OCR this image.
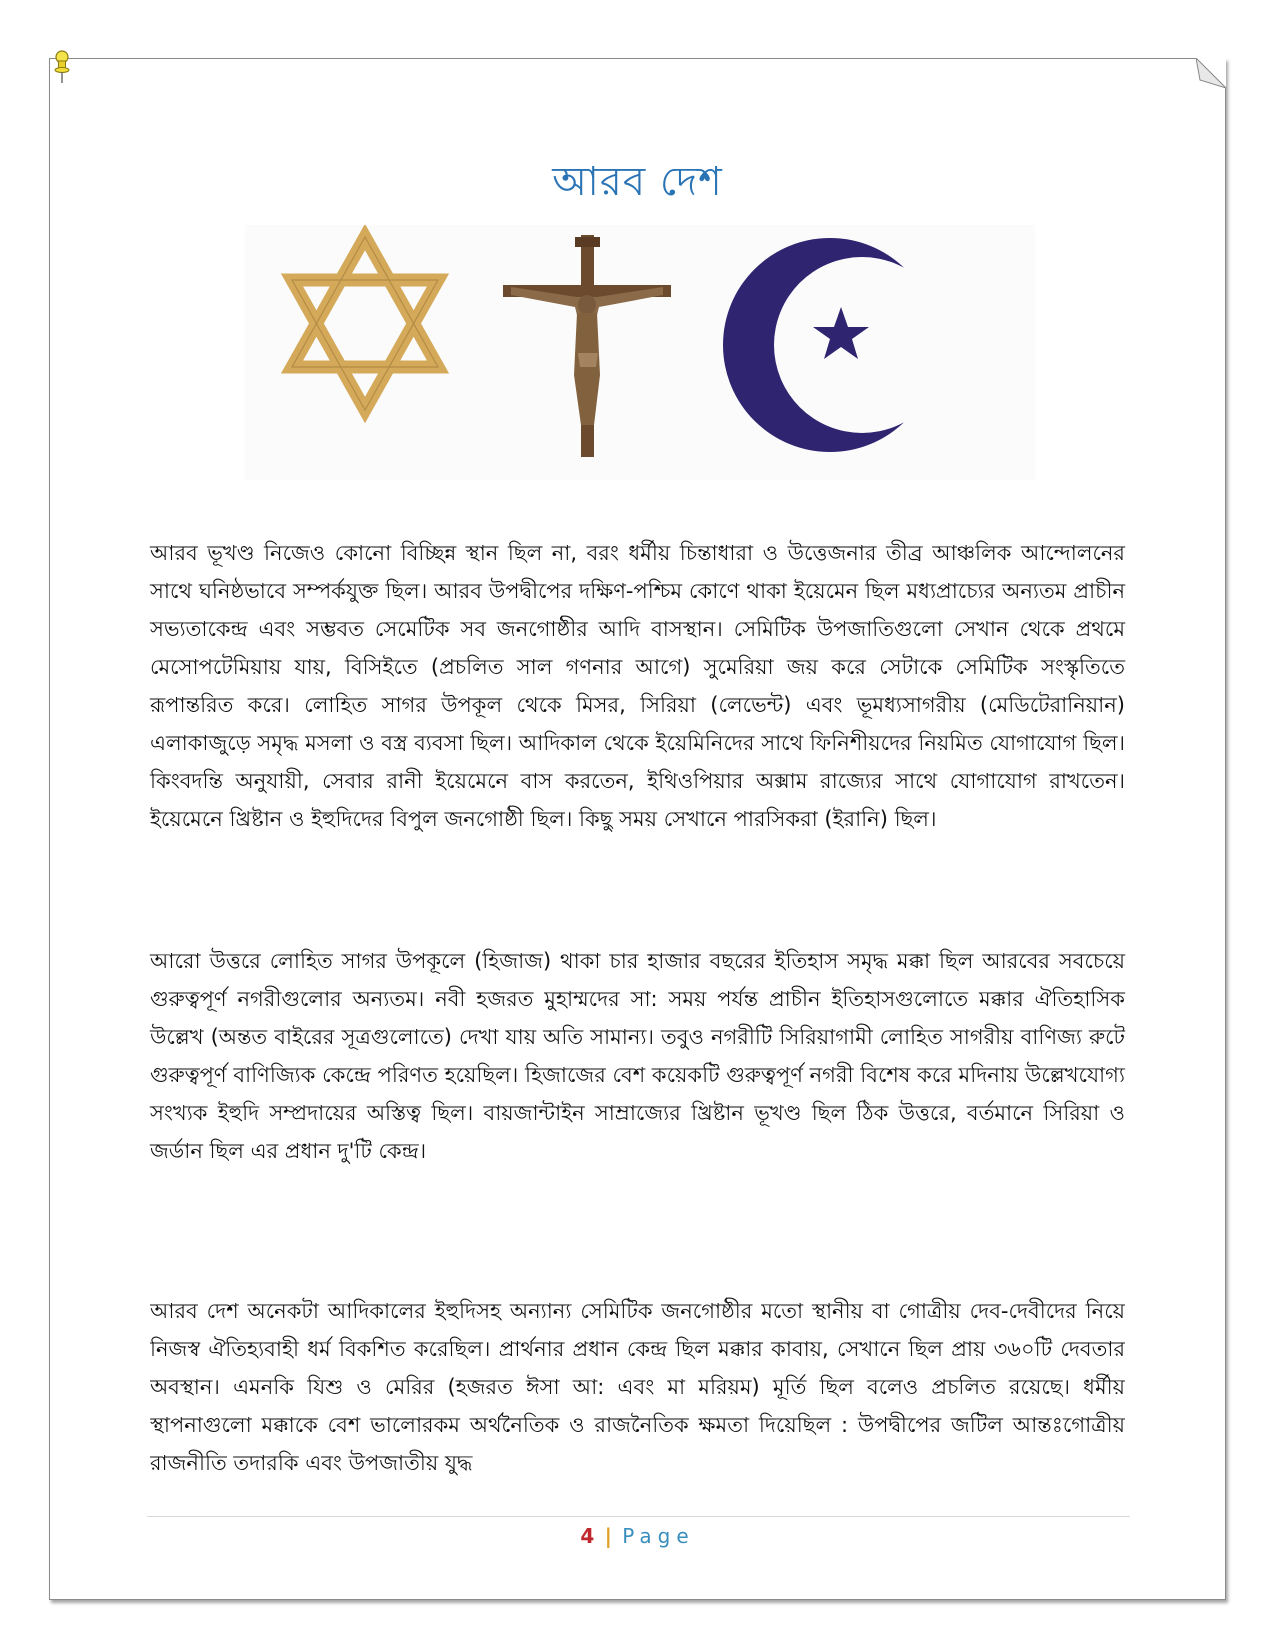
আরব দেশ

আরব ভূখণ্ড নিজেও কোনো বিচ্ছিন্ন স্থান ছিল না, বরং ধর্মীয় চিন্তাধারা ও উত্তেজনার তীব্র আঞ্চলিক আন্দোলনের সাথে ঘনিষ্ঠভাবে সম্পর্কযুক্ত ছিল। আরব উপদ্বীপের দক্ষিণ-পশ্চিম কোণে থাকা ইয়েমেন ছিল মধ্যপ্রাচ্যের অন্যতম প্রাচীন সভ্যতাকেন্দ্র এবং সম্ভবত সেমেটিক সব জনগোষ্ঠীর আদি বাসস্থান। সেমিটিক উপজাতিগুলো সেখান থেকে প্রথমে মেসোপটেমিয়ায় যায়, বিসিইতে (প্রচলিত সাল গণনার আগে) সুমেরিয়া জয় করে সেটাকে সেমিটিক সংস্কৃতিতে রূপান্তরিত করে। লোহিত সাগর উপকূল থেকে মিসর, সিরিয়া (লেভেন্ট) এবং ভূমধ্যসাগরীয় (মেডিটেরানিয়ান) এলাকাজুড়ে সমৃদ্ধ মসলা ও বস্ত্র ব্যবসা ছিল। আদিকাল থেকে ইয়েমিনিদের সাথে ফিনিশীয়দের নিয়মিত যোগাযোগ ছিল। কিংবদন্তি অনুযায়ী, সেবার রানী ইয়েমেনে বাস করতেন, ইথিওপিয়ার অক্সাম রাজ্যের সাথে যোগাযোগ রাখতেন। ইয়েমেনে খ্রিষ্টান ও ইহুদিদের বিপুল জনগোষ্ঠী ছিল। কিছু সময় সেখানে পারসিকরা (ইরানি) ছিল।

আরো উত্তরে লোহিত সাগর উপকূলে (হিজাজ) থাকা চার হাজার বছরের ইতিহাস সমৃদ্ধ মক্কা ছিল আরবের সবচেয়ে গুরুত্বপূর্ণ নগরীগুলোর অন্যতম। নবী হজরত মুহাম্মদের সা: সময় পর্যন্ত প্রাচীন ইতিহাসগুলোতে মক্কার ঐতিহাসিক উল্লেখ (অন্তত বাইরের সূত্রগুলোতে) দেখা যায় অতি সামান্য। তবুও নগরীটি সিরিয়াগামী লোহিত সাগরীয় বাণিজ্য রুটে গুরুত্বপূর্ণ বাণিজ্যিক কেন্দ্রে পরিণত হয়েছিল। হিজাজের বেশ কয়েকটি গুরুত্বপূর্ণ নগরী বিশেষ করে মদিনায় উল্লেখযোগ্য সংখ্যক ইহুদি সম্প্রদায়ের অস্তিত্ব ছিল। বায়জান্টাইন সাম্রাজ্যের খ্রিষ্টান ভূখণ্ড ছিল ঠিক উত্তরে, বর্তমানে সিরিয়া ও জর্ডান ছিল এর প্রধান দু'টি কেন্দ্র।

আরব দেশ অনেকটা আদিকালের ইহুদিসহ অন্যান্য সেমিটিক জনগোষ্ঠীর মতো স্থানীয় বা গোত্রীয় দেব-দেবীদের নিয়ে নিজস্ব ঐতিহ্যবাহী ধর্ম বিকশিত করেছিল। প্রার্থনার প্রধান কেন্দ্র ছিল মক্কার কাবায়, সেখানে ছিল প্রায় ৩৬০টি দেবতার অবস্থান। এমনকি যিশু ও মেরির (হজরত ঈসা আ: এবং মা মরিয়ম) মূর্তি ছিল বলেও প্রচলিত রয়েছে। ধর্মীয় স্থাপনাগুলো মক্কাকে বেশ ভালোরকম অর্থনৈতিক ও রাজনৈতিক ক্ষমতা দিয়েছিল : উপদ্বীপের জটিল আন্তঃগোত্রীয় রাজনীতি তদারকি এবং উপজাতীয় যুদ্ধ

4 | Page
